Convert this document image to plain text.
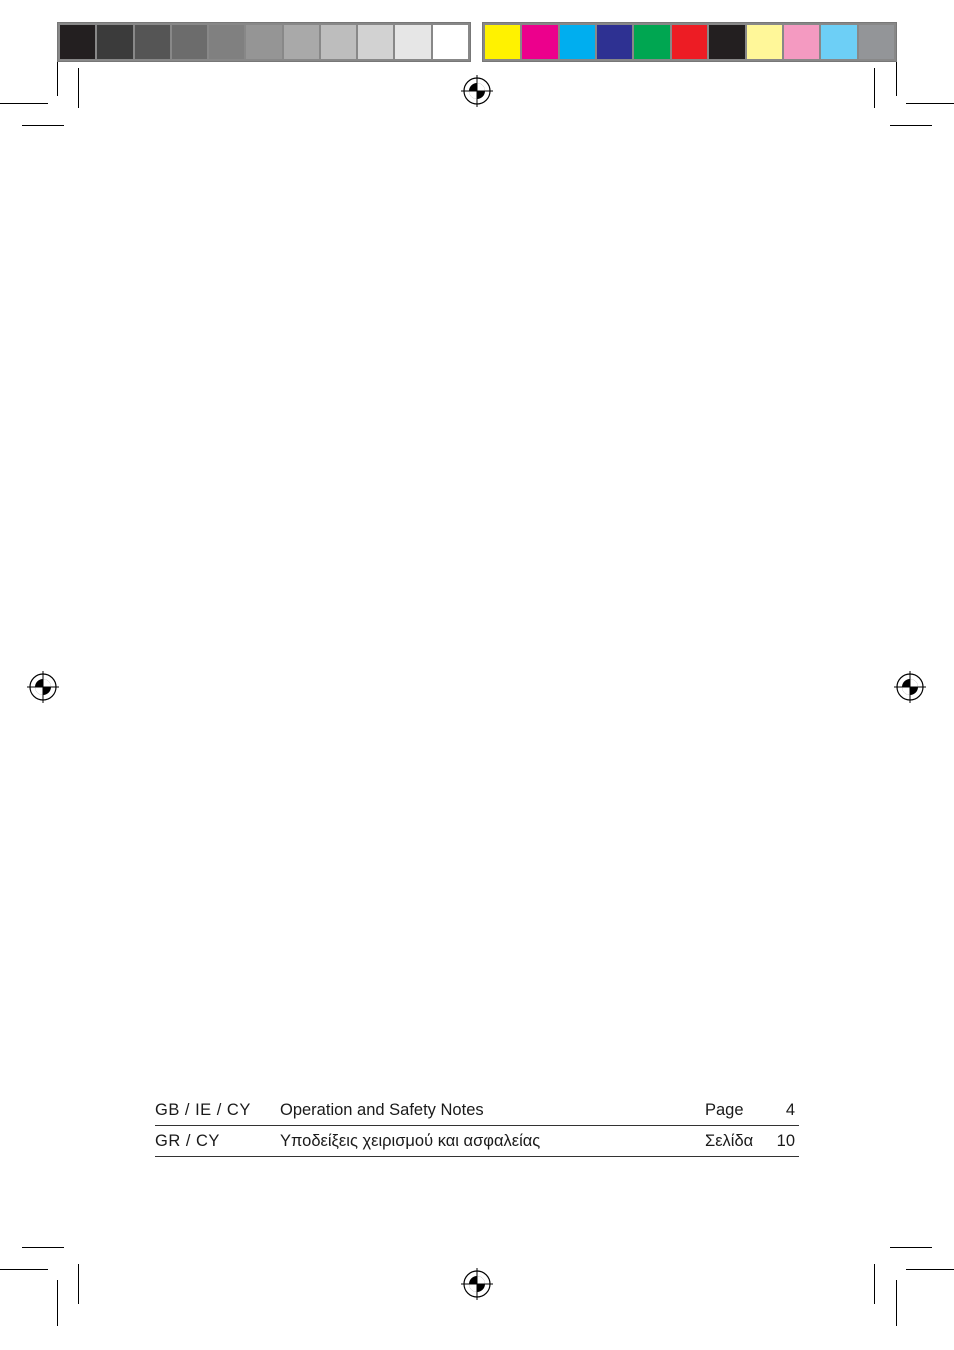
GB / IE / CY	Operation and Safety Notes	Page	4
GR / CY	Υποδείξεις χειρισμού και ασφαλείας	Σελίδα	10
